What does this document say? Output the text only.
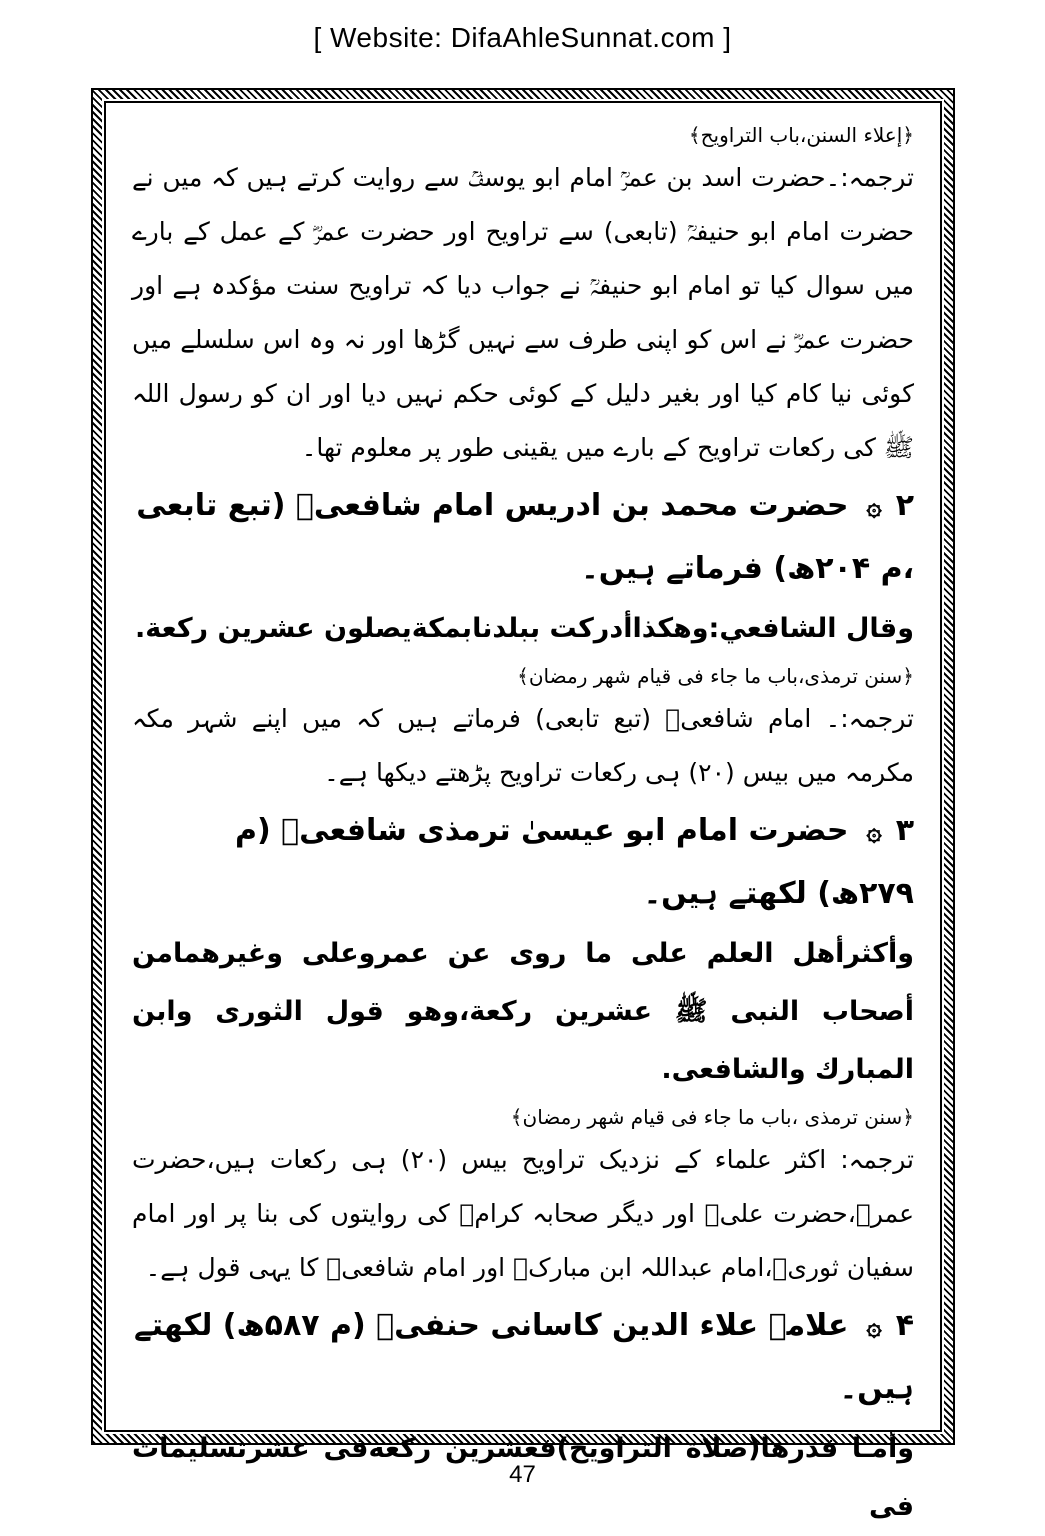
[ Website: DifaAhleSunnat.com ]
﴿إعلاء السنن،باب التراويح﴾
ترجمہ:۔حضرت اسد بن عمرؒ امام ابو یوسفؒ سے روایت کرتے ہیں کہ میں نے حضرت امام ابو حنیفہؒ (تابعی) سے تراویح اور حضرت عمرؓ کے عمل کے بارے میں سوال کیا تو امام ابو حنیفہؒ نے جواب دیا کہ تراویح سنت مؤکدہ ہے اور حضرت عمرؓ نے اس کو اپنی طرف سے نہیں گڑھا اور نہ وہ اس سلسلے میں کوئی نیا کام کیا اور بغیر دلیل کے کوئی حکم نہیں دیا اور ان کو رسول اللہ ﷺ کی رکعات تراویح کے بارے میں یقینی طور پر معلوم تھا۔
۲۞حضرت محمد بن ادریس امام شافعیؒ (تبع تابعی ،م ۲۰۴ھ) فرماتے ہیں۔
وقال الشافعي:وهكذاأدركت ببلدنابمكةيصلون عشرين ركعة.
﴿سنن ترمذی،باب ما جاء فی قیام شهر رمضان﴾
ترجمہ:۔ امام شافعیؒ (تبع تابعی) فرماتے ہیں کہ میں اپنے شہر مکہ مکرمہ میں بیس (۲۰) ہی رکعات تراویح پڑھتے دیکھا ہے۔
۳۞حضرت امام ابو عیسیٰ ترمذی شافعیؒ (م ۲۷۹ھ) لکھتے ہیں۔
وأكثرأهل العلم على ما روى عن عمروعلى وغيرهمامن أصحاب النبى ﷺ عشرين ركعة،وهو قول الثورى وابن المبارك والشافعى.
﴿سنن ترمذی ،باب ما جاء فی قیام شهر رمضان﴾
ترجمہ: اکثر علماء کے نزدیک تراویح بیس (۲۰) ہی رکعات ہیں،حضرت عمرؓ،حضرت علیؓ اور دیگر صحابہ کرامؓ کی روایتوں کی بنا پر اور امام سفیان ثوریؒ،امام عبداللہ ابن مبارکؒ اور امام شافعیؒ کا یہی قول ہے۔
۴۞علامہ علاء الدین کاسانی حنفیؒ (م ۵۸۷ھ) لکھتے ہیں۔
وأمـا قدرها(صلاة التراويح)فعشرين ركعةفى عشرتسليمات فى
47
